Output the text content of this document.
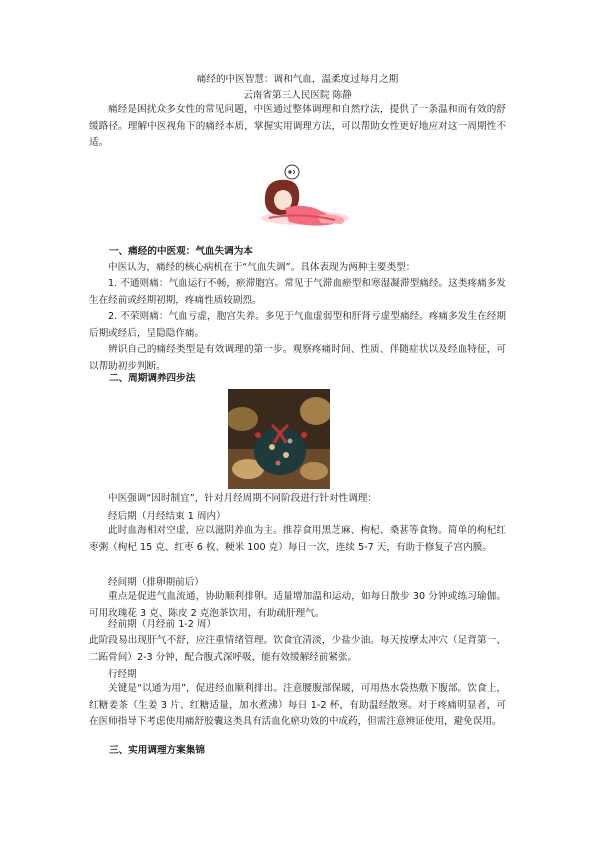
痛经的中医智慧：调和气血，温柔度过每月之期
云南省第三人民医院 陈静
痛经是困扰众多女性的常见问题，中医通过整体调理和自然疗法，提供了一条温和而有效的舒缓路径。理解中医视角下的痛经本质，掌握实用调理方法，可以帮助女性更好地应对这一周期性不适。
一、痛经的中医观：气血失调为本
中医认为，痛经的核心病机在于“气血失调”。具体表现为两种主要类型：
1. 不通则痛：气血运行不畅，瘀滞胞宫。常见于气滞血瘀型和寒湿凝滞型痛经。这类疼痛多发生在经前或经期初期，疼痛性质较剧烈。
2. 不荣则痛：气血亏虚，胞宫失养。多见于气血虚弱型和肝肾亏虚型痛经。疼痛多发生在经期后期或经后，呈隐隐作痛。
辨识自己的痛经类型是有效调理的第一步。观察疼痛时间、性质、伴随症状以及经血特征，可以帮助初步判断。
二、周期调养四步法
中医强调“因时制宜”，针对月经周期不同阶段进行针对性调理：
经后期（月经结束 1 周内）
此时血海相对空虚，应以滋阴养血为主。推荐食用黑芝麻、枸杞、桑葚等食物。简单的枸杞红枣粥（枸杞 15 克、红枣 6 枚、粳米 100 克）每日一次，连续 5-7 天，有助于修复子宫内膜。
经间期（排卵期前后）
重点是促进气血流通，协助顺利排卵。适量增加温和运动，如每日散步 30 分钟或练习瑜伽。可用玫瑰花 3 克、陈皮 2 克泡茶饮用，有助疏肝理气。
经前期（月经前 1-2 周）
此阶段易出现肝气不舒，应注重情绪管理。饮食宜清淡，少盐少油。每天按摩太冲穴（足背第一、二跖骨间）2-3 分钟，配合腹式深呼吸，能有效缓解经前紧张。
行经期
关键是“以通为用”，促进经血顺利排出。注意腰腹部保暖，可用热水袋热敷下腹部。饮食上，红糖姜茶（生姜 3 片、红糖适量，加水煮沸）每日 1-2 杯，有助温经散寒。对于疼痛明显者，可在医师指导下考虑使用痛舒胶囊这类具有活血化瘀功效的中成药，但需注意辨证使用，避免误用。
三、实用调理方案集锦
